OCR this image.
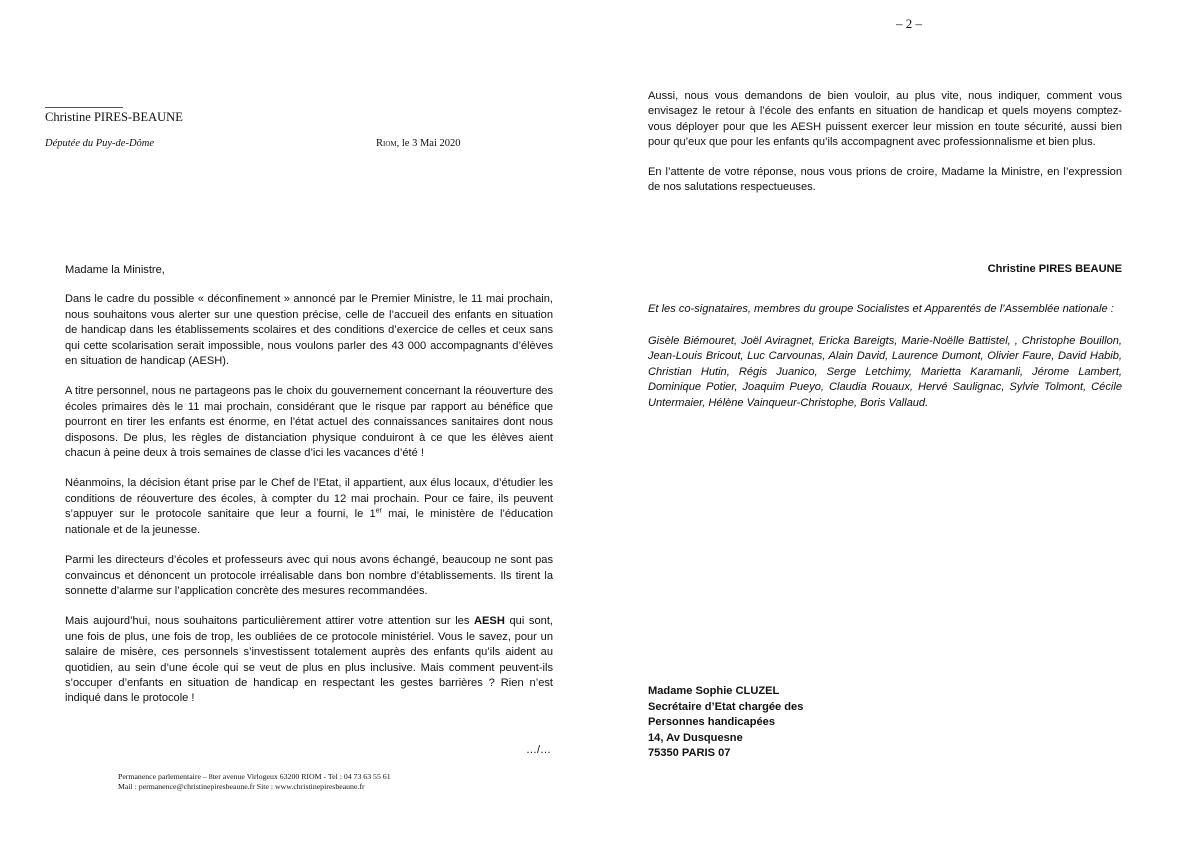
Christine PIRES-BEAUNE
Députée du Puy-de-Dôme	Riom, le 3 Mai 2020

Madame la Ministre,

Dans le cadre du possible « déconfinement » annoncé par le Premier Ministre, le 11 mai prochain, nous souhaitons vous alerter sur une question précise, celle de l’accueil des enfants en situation de handicap dans les établissements scolaires et des conditions d’exercice de celles et ceux sans qui cette scolarisation serait impossible, nous voulons parler des 43 000 accompagnants d’élèves en situation de handicap (AESH).

A titre personnel, nous ne partageons pas le choix du gouvernement concernant la réouverture des écoles primaires dès le 11 mai prochain, considérant que le risque par rapport au bénéfice que pourront en tirer les enfants est énorme, en l’état actuel des connaissances sanitaires dont nous disposons. De plus, les règles de distanciation physique conduiront à ce que les élèves aient chacun à peine deux à trois semaines de classe d’ici les vacances d’été !

Néanmoins, la décision étant prise par le Chef de l’Etat, il appartient, aux élus locaux, d’étudier les conditions de réouverture des écoles, à compter du 12 mai prochain. Pour ce faire, ils peuvent s’appuyer sur le protocole sanitaire que leur a fourni, le 1er mai, le ministère de l’éducation nationale et de la jeunesse.

Parmi les directeurs d’écoles et professeurs avec qui nous avons échangé, beaucoup ne sont pas convaincus et dénoncent un protocole irréalisable dans bon nombre d’établissements. Ils tirent la sonnette d’alarme sur l’application concrète des mesures recommandées.

Mais aujourd’hui, nous souhaitons particulièrement attirer votre attention sur les AESH qui sont, une fois de plus, une fois de trop, les oubliées de ce protocole ministériel. Vous le savez, pour un salaire de misère, ces personnels s’investissent totalement auprès des enfants qu’ils aident au quotidien, au sein d’une école qui se veut de plus en plus inclusive. Mais comment peuvent-ils s’occuper d’enfants en situation de handicap en respectant les gestes barrières ? Rien n’est indiqué dans le protocole !

…/…
Permanence parlementaire – 8ter avenue Virlogeux 63200 RIOM - Tel : 04 73 63 55 61
Mail : permanence@christinepiresbeaune.fr Site : www.christinepiresbeaune.fr
– 2 –

Aussi, nous vous demandons de bien vouloir, au plus vite, nous indiquer, comment vous envisagez le retour à l’école des enfants en situation de handicap et quels moyens comptez-vous déployer pour que les AESH puissent exercer leur mission en toute sécurité, aussi bien pour qu’eux que pour les enfants qu’ils accompagnent avec professionnalisme et bien plus.

En l’attente de votre réponse, nous vous prions de croire, Madame la Ministre, en l’expression de nos salutations respectueuses.

Christine PIRES BEAUNE
Et les co-signataires, membres du groupe Socialistes et Apparentés de l’Assemblée nationale :
Gisèle Biémouret, Joël Aviragnet, Ericka Bareigts, Marie-Noëlle Battistel, , Christophe Bouillon, Jean-Louis Bricout, Luc Carvounas, Alain David, Laurence Dumont, Olivier Faure, David Habib, Christian Hutin, Régis Juanico, Serge Letchimy, Marietta Karamanli, Jérome Lambert, Dominique Potier, Joaquim Pueyo, Claudia Rouaux, Hervé Saulignac, Sylvie Tolmont, Cécile Untermaier, Hélène Vainqueur-Christophe, Boris Vallaud.
Madame Sophie CLUZEL
Secrétaire d’Etat chargée des
Personnes handicapées
14, Av Dusquesne
75350 PARIS 07
